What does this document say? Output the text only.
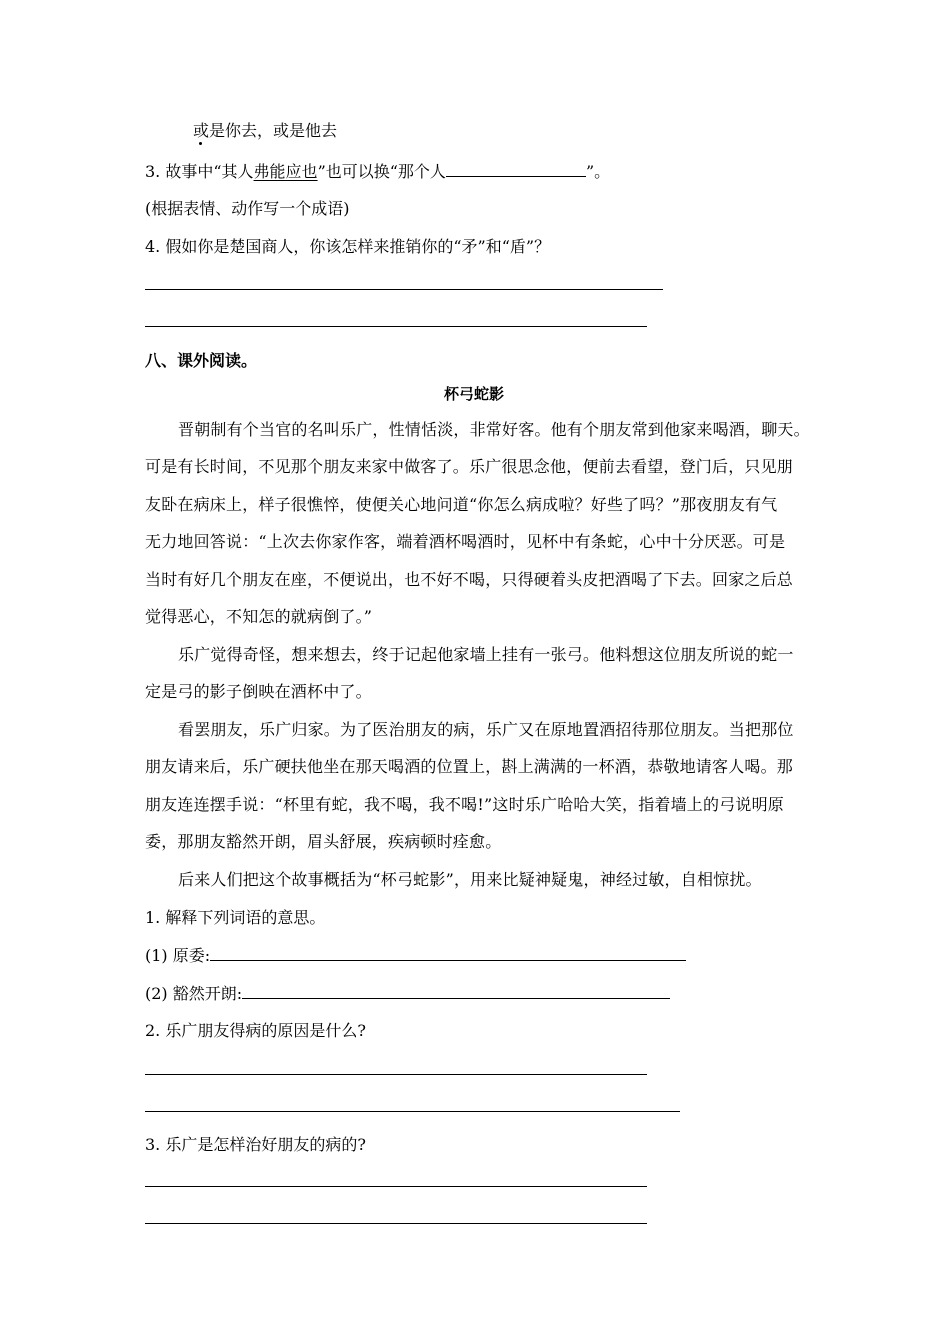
或是你去，或是他去
3. 故事中“其人弗能应也”也可以换“那个人	”。
(根据表情、动作写一个成语)
4. 假如你是楚国商人，你该怎样来推销你的“矛”和“盾”？
八、课外阅读。
杯弓蛇影
晋朝制有个当官的名叫乐广，性情恬淡，非常好客。他有个朋友常到他家来喝酒，聊天。
可是有长时间，不见那个朋友来家中做客了。乐广很思念他，便前去看望，登门后，只见朋
友卧在病床上，样子很憔悴，使便关心地问道“你怎么病成啦？好些了吗？”那夜朋友有气
无力地回答说：“上次去你家作客，端着酒杯喝酒时，见杯中有条蛇，心中十分厌恶。可是
当时有好几个朋友在座，不便说出，也不好不喝，只得硬着头皮把酒喝了下去。回家之后总
觉得恶心，不知怎的就病倒了。”
乐广觉得奇怪，想来想去，终于记起他家墙上挂有一张弓。他料想这位朋友所说的蛇一
定是弓的影子倒映在酒杯中了。
看罢朋友，乐广归家。为了医治朋友的病，乐广又在原地置酒招待那位朋友。当把那位
朋友请来后，乐广硬扶他坐在那天喝酒的位置上，斟上满满的一杯酒，恭敬地请客人喝。那
朋友连连摆手说：“杯里有蛇，我不喝，我不喝!”这时乐广哈哈大笑，指着墙上的弓说明原
委，那朋友豁然开朗，眉头舒展，疾病顿时痊愈。
后来人们把这个故事概括为“杯弓蛇影”，用来比疑神疑鬼，神经过敏，自相惊扰。
1. 解释下列词语的意思。
(1) 原委:
(2) 豁然开朗:
2. 乐广朋友得病的原因是什么?
3. 乐广是怎样治好朋友的病的?
